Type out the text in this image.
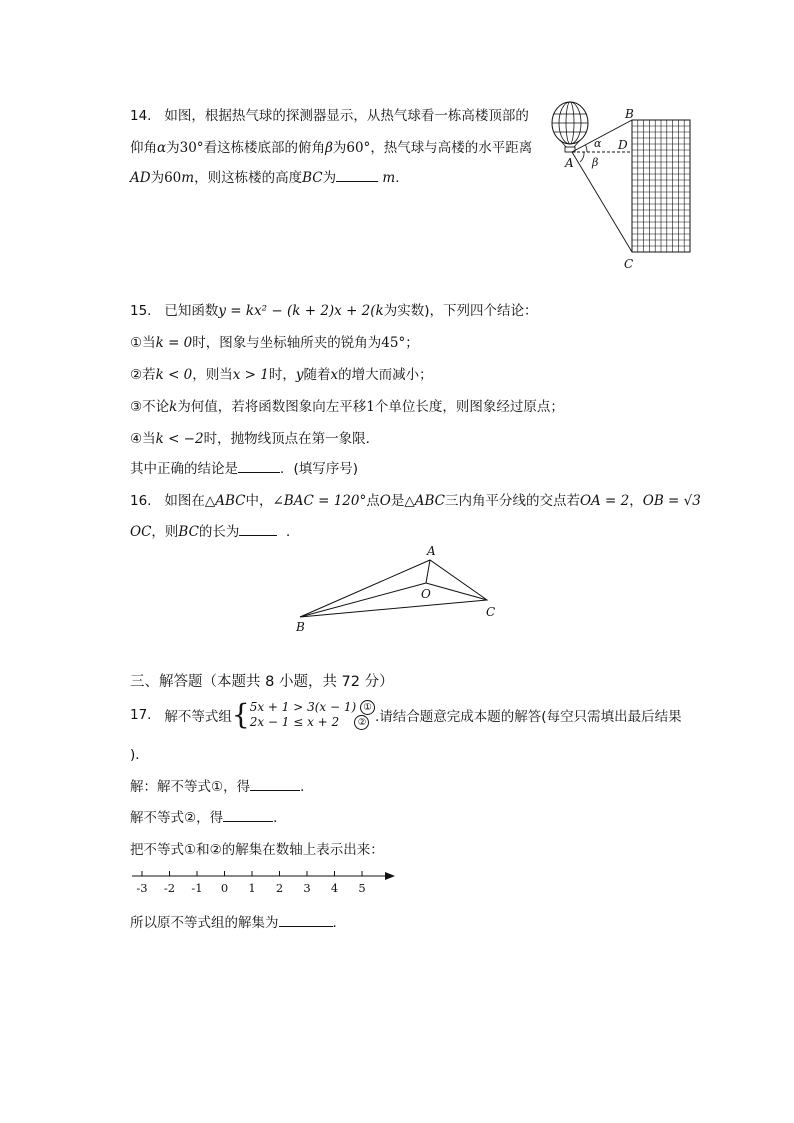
14. 如图，根据热气球的探测器显示，从热气球看一栋高楼顶部的
仰角α为30°看这栋楼底部的俯角β为60°，热气球与高楼的水平距离
AD为60m，则这栋楼的高度BC为	m.
A
B
C
D
α
β
15. 已知函数y = kx² − (k + 2)x + 2(k为实数)，下列四个结论：
①当k = 0时，图象与坐标轴所夹的锐角为45°；
②若k < 0，则当x > 1时，y随着x的增大而减小；
③不论k为何值，若将函数图象向左平移1个单位长度，则图象经过原点；
④当k < −2时，抛物线顶点在第一象限．
其中正确的结论是	．(填写序号)
16. 如图在△ABC中，∠BAC = 120°点O是△ABC三内角平分线的交点若OA = 2，OB = √3
OC，则BC的长为	．
A
B
C
O
三、解答题（本题共 8 小题，共 72 分）
17. 解不等式组{5x + 1 > 3(x − 1) ①
2x − 1 ≤ x + 2 ② .请结合题意完成本题的解答(每空只需填出最后结果
)．
解：解不等式①，得	．
解不等式②，得	．
把不等式①和②的解集在数轴上表示出来：
-3 -2 -1 0 1 2 3 4 5
所以原不等式组的解集为	．
